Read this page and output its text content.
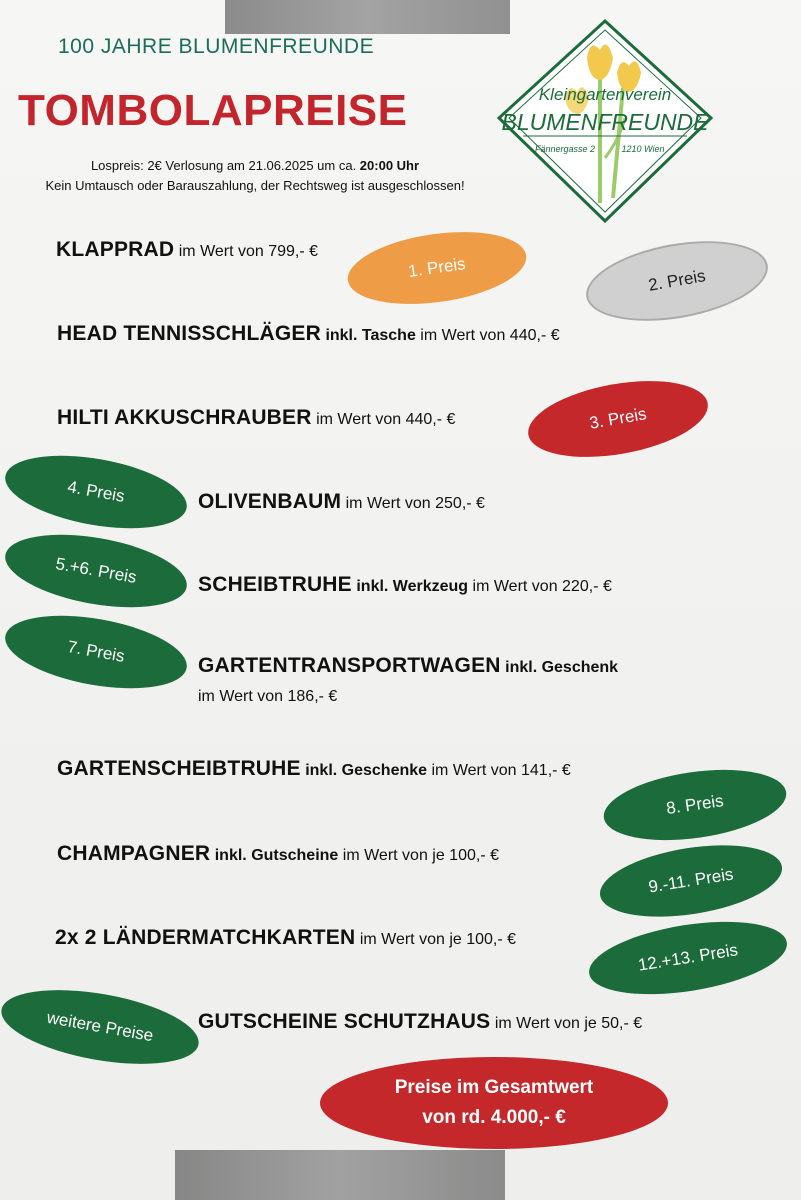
100 JAHRE BLUMENFREUNDE
TOMBOLAPREISE
Lospreis: 2€ Verlosung am 21.06.2025 um ca. 20:00 Uhr
Kein Umtausch oder Barauszahlung, der Rechtsweg ist ausgeschlossen!
Kleingartenverein
BLUMENFREUNDE
Fännergasse 2	1210 Wien
KLAPPRAD im Wert von 799,- €
1. Preis	2. Preis
HEAD TENNISSCHLÄGER inkl. Tasche im Wert von 440,- €
HILTI AKKUSCHRAUBER im Wert von 440,- €	3. Preis
4. Preis	OLIVENBAUM im Wert von 250,- €
5.+6. Preis	SCHEIBTRUHE inkl. Werkzeug im Wert von 220,- €
7. Preis	GARTENTRANSPORTWAGEN inkl. Geschenk
im Wert von 186,- €
GARTENSCHEIBTRUHE inkl. Geschenke im Wert von 141,- €
8. Preis
CHAMPAGNER inkl. Gutscheine im Wert von je 100,- €
9.-11. Preis
2x 2 LÄNDERMATCHKARTEN im Wert von je 100,- €
12.+13. Preis
weitere Preise	GUTSCHEINE SCHUTZHAUS im Wert von je 50,- €
Preise im Gesamtwert
von rd. 4.000,- €
